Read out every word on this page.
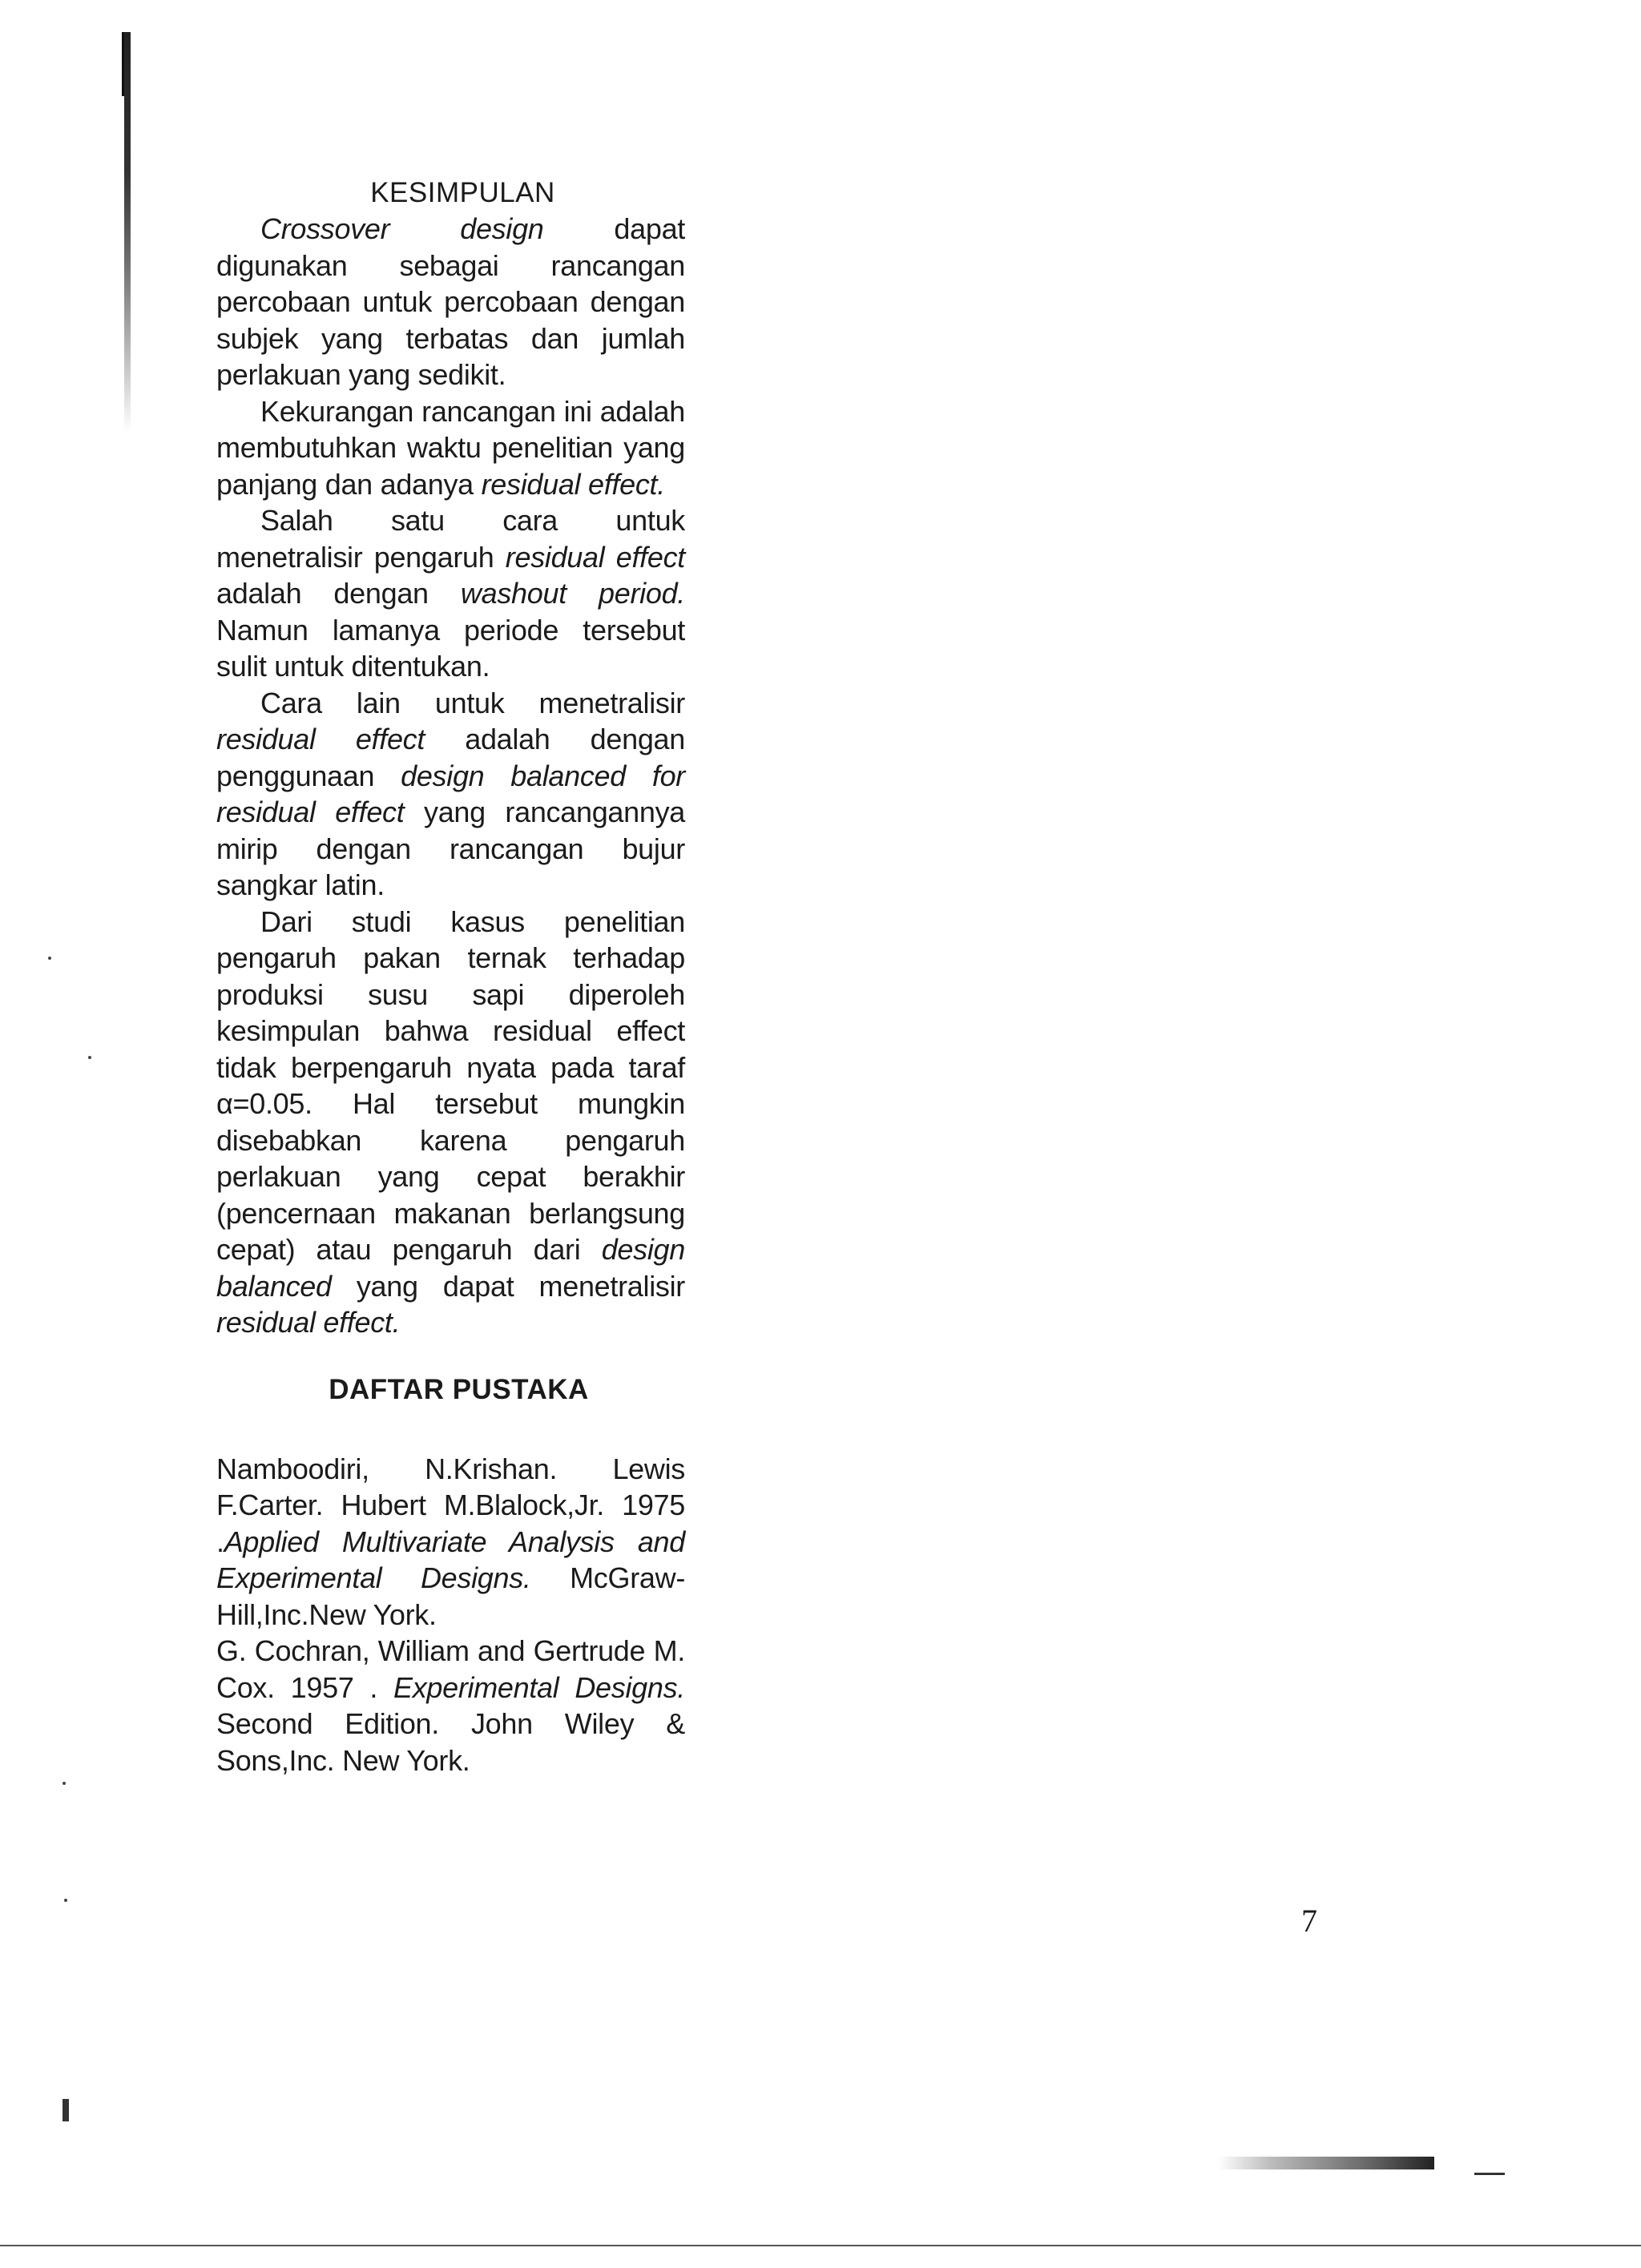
KESIMPULAN

Crossover design dapat digunakan sebagai rancangan percobaan untuk percobaan dengan subjek yang terbatas dan jumlah perlakuan yang sedikit.

Kekurangan rancangan ini adalah membutuhkan waktu penelitian yang panjang dan adanya residual effect.

Salah satu cara untuk menetralisir pengaruh residual effect adalah dengan washout period. Namun lamanya periode tersebut sulit untuk ditentukan.

Cara lain untuk menetralisir residual effect adalah dengan penggunaan design balanced for residual effect yang rancangannya mirip dengan rancangan bujur sangkar latin.

Dari studi kasus penelitian pengaruh pakan ternak terhadap produksi susu sapi diperoleh kesimpulan bahwa residual effect tidak berpengaruh nyata pada taraf α=0.05. Hal tersebut mungkin disebabkan karena pengaruh perlakuan yang cepat berakhir (pencernaan makanan berlangsung cepat) atau pengaruh dari design balanced yang dapat menetralisir residual effect.

DAFTAR PUSTAKA

Namboodiri, N.Krishan. Lewis F.Carter. Hubert M.Blalock,Jr. 1975 .Applied Multivariate Analysis and Experimental Designs. McGraw-Hill,Inc.New York.

G. Cochran, William and Gertrude M. Cox. 1957 . Experimental Designs. Second Edition. John Wiley & Sons,Inc. New York.

7
